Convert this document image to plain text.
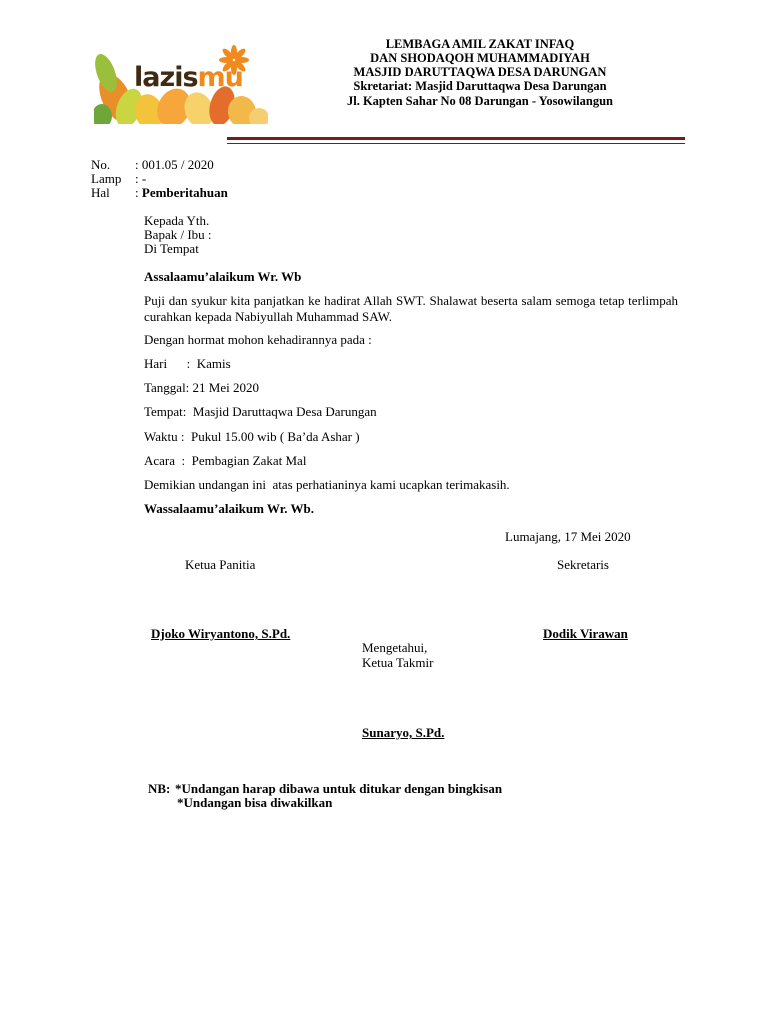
lazismu
LEMBAGA AMIL ZAKAT INFAQ
DAN SHODAQOH MUHAMMADIYAH
MASJID DARUTTAQWA DESA DARUNGAN
Skretariat: Masjid Daruttaqwa Desa Darungan
Jl. Kapten Sahar No 08 Darungan - Yosowilangun
No. : 001.05 / 2020
Lamp : -
Hal : Pemberitahuan
Kepada Yth.
Bapak / Ibu :
Di Tempat
Assalaamu’alaikum Wr. Wb
Puji dan syukur kita panjatkan ke hadirat Allah SWT. Shalawat beserta salam semoga tetap terlimpah curahkan kepada Nabiyullah Muhammad SAW.
Dengan hormat mohon kehadirannya pada :
Hari      :  Kamis
Tanggal: 21 Mei 2020
Tempat:  Masjid Daruttaqwa Desa Darungan
Waktu :  Pukul 15.00 wib ( Ba’da Ashar )
Acara  :  Pembagian Zakat Mal
Demikian undangan ini  atas perhatianinya kami ucapkan terimakasih.
Wassalaamu’alaikum Wr. Wb.
Lumajang, 17 Mei 2020
Ketua Panitia	Sekretaris
Djoko Wiryantono, S.Pd.	Dodik Virawan
Mengetahui,
Ketua Takmir
Sunaryo, S.Pd.
NB: *Undangan harap dibawa untuk ditukar dengan bingkisan
*Undangan bisa diwakilkan
